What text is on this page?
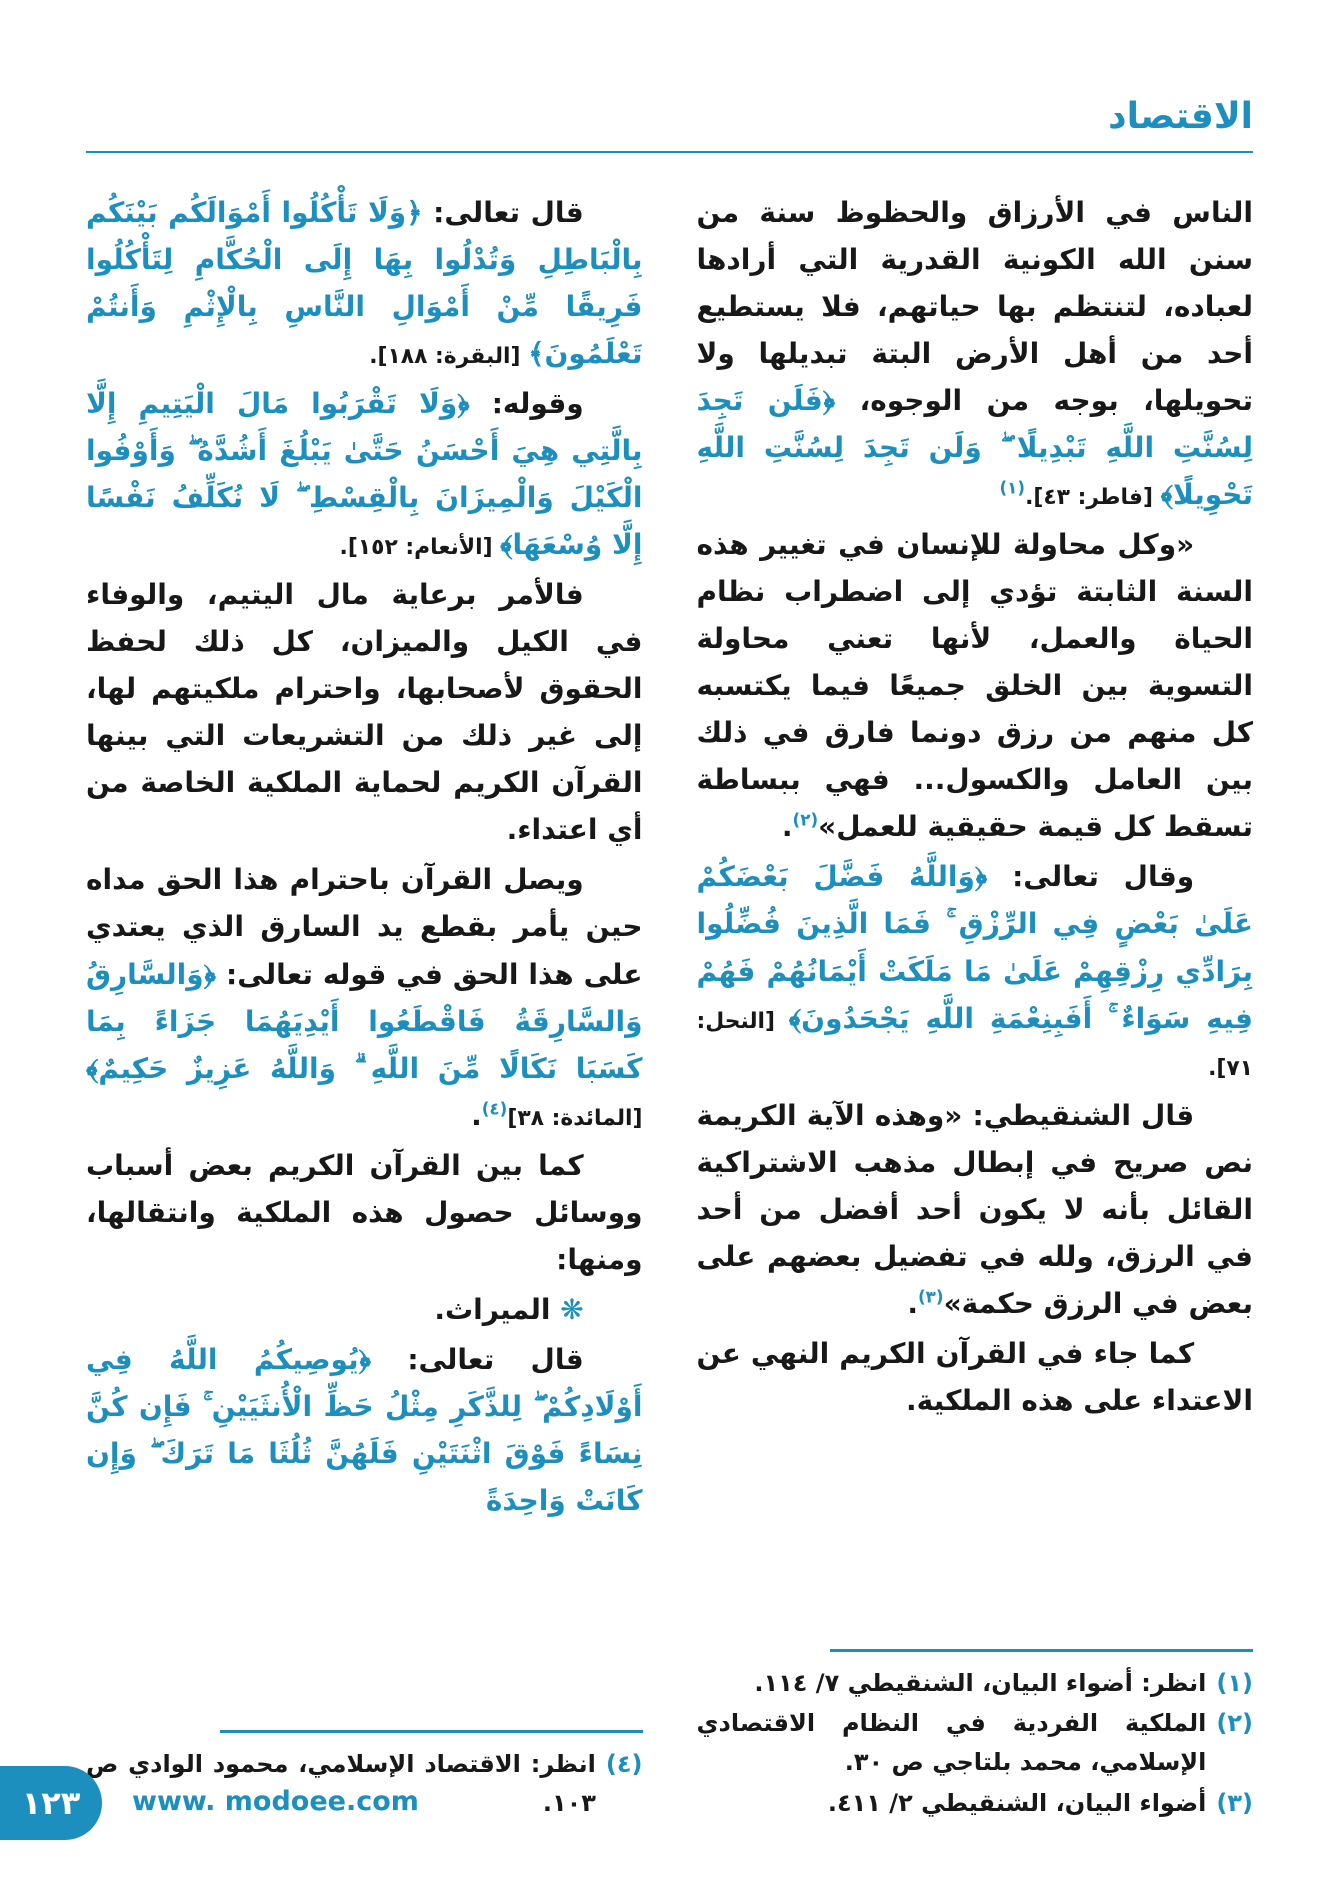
الاقتصاد

الناس في الأرزاق والحظوظ سنة من سنن الله الكونية القدرية التي أرادها لعباده، لتنتظم بها حياتهم، فلا يستطيع أحد من أهل الأرض البتة تبديلها ولا تحويلها، بوجه من الوجوه، ﴿فَلَن تَجِدَ لِسُنَّتِ اللَّهِ تَبْدِيلًا ۖ وَلَن تَجِدَ لِسُنَّتِ اللَّهِ تَحْوِيلًا﴾ [فاطر: ٤٣].$^{(١)}$

«وكل محاولة للإنسان في تغيير هذه السنة الثابتة تؤدي إلى اضطراب نظام الحياة والعمل، لأنها تعني محاولة التسوية بين الخلق جميعًا فيما يكتسبه كل منهم من رزق دونما فارق في ذلك بين العامل والكسول... فهي ببساطة تسقط كل قيمة حقيقية للعمل»$^{(٢)}$.

وقال تعالى: ﴿وَاللَّهُ فَضَّلَ بَعْضَكُمْ عَلَىٰ بَعْضٍ فِي الرِّزْقِ ۚ فَمَا الَّذِينَ فُضِّلُوا بِرَادِّي رِزْقِهِمْ عَلَىٰ مَا مَلَكَتْ أَيْمَانُهُمْ فَهُمْ فِيهِ سَوَاءٌ ۚ أَفَبِنِعْمَةِ اللَّهِ يَجْحَدُونَ﴾ [النحل: ٧١].

قال الشنقيطي: «وهذه الآية الكريمة نص صريح في إبطال مذهب الاشتراكية القائل بأنه لا يكون أحد أفضل من أحد في الرزق، ولله في تفضيل بعضهم على بعض في الرزق حكمة»$^{(٣)}$.

كما جاء في القرآن الكريم النهي عن الاعتداء على هذه الملكية.

(١)
انظر: أضواء البيان، الشنقيطي ٧/ ١١٤.
(٢)
الملكية الفردية في النظام الاقتصادي الإسلامي، محمد بلتاجي ص ٣٠.
(٣)
أضواء البيان، الشنقيطي ٢/ ٤١١.

قال تعالى: ﴿وَلَا تَأْكُلُوا أَمْوَالَكُم بَيْنَكُم بِالْبَاطِلِ وَتُدْلُوا بِهَا إِلَى الْحُكَّامِ لِتَأْكُلُوا فَرِيقًا مِّنْ أَمْوَالِ النَّاسِ بِالْإِثْمِ وَأَنتُمْ تَعْلَمُونَ﴾ [البقرة: ١٨٨].

وقوله: ﴿وَلَا تَقْرَبُوا مَالَ الْيَتِيمِ إِلَّا بِالَّتِي هِيَ أَحْسَنُ حَتَّىٰ يَبْلُغَ أَشُدَّهُ ۖ وَأَوْفُوا الْكَيْلَ وَالْمِيزَانَ بِالْقِسْطِ ۖ لَا نُكَلِّفُ نَفْسًا إِلَّا وُسْعَهَا﴾ [الأنعام: ١٥٢].

فالأمر برعاية مال اليتيم، والوفاء في الكيل والميزان، كل ذلك لحفظ الحقوق لأصحابها، واحترام ملكيتهم لها، إلى غير ذلك من التشريعات التي بينها القرآن الكريم لحماية الملكية الخاصة من أي اعتداء.

ويصل القرآن باحترام هذا الحق مداه حين يأمر بقطع يد السارق الذي يعتدي على هذا الحق في قوله تعالى: ﴿وَالسَّارِقُ وَالسَّارِقَةُ فَاقْطَعُوا أَيْدِيَهُمَا جَزَاءً بِمَا كَسَبَا نَكَالًا مِّنَ اللَّهِ ۗ وَاللَّهُ عَزِيزٌ حَكِيمٌ﴾ [المائدة: ٣٨]$^{(٤)}$.

كما بين القرآن الكريم بعض أسباب ووسائل حصول هذه الملكية وانتقالها، ومنها:

❋ الميراث.

قال تعالى: ﴿يُوصِيكُمُ اللَّهُ فِي أَوْلَادِكُمْ ۖ لِلذَّكَرِ مِثْلُ حَظِّ الْأُنثَيَيْنِ ۚ فَإِن كُنَّ نِسَاءً فَوْقَ اثْنَتَيْنِ فَلَهُنَّ ثُلُثَا مَا تَرَكَ ۖ وَإِن كَانَتْ وَاحِدَةً

(٤)
انظر: الاقتصاد الإسلامي، محمود الوادي ص ١٠٣.
١٢٣ www. modoee.com
